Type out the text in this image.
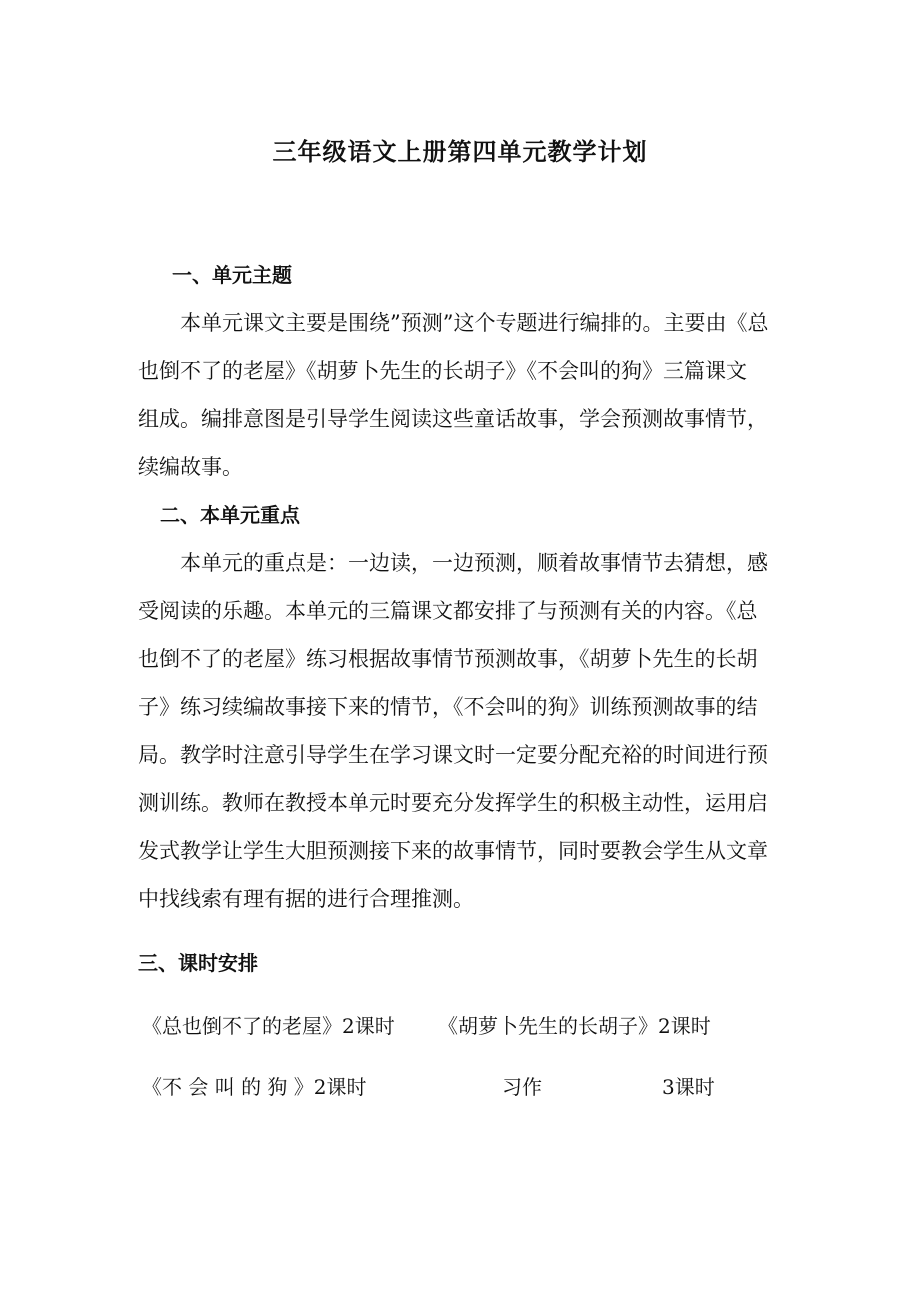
三年级语文上册第四单元教学计划
一、单元主题
本单元课文主要是围绕”预测”这个专题进行编排的。主要由《总
也倒不了的老屋》《胡萝卜先生的长胡子》《不会叫的狗》三篇课文
组成。编排意图是引导学生阅读这些童话故事，学会预测故事情节，
续编故事。
二、本单元重点
本单元的重点是：一边读，一边预测，顺着故事情节去猜想，感
受阅读的乐趣。本单元的三篇课文都安排了与预测有关的内容。《总
也倒不了的老屋》练习根据故事情节预测故事，《胡萝卜先生的长胡
子》练习续编故事接下来的情节，《不会叫的狗》训练预测故事的结
局。教学时注意引导学生在学习课文时一定要分配充裕的时间进行预
测训练。教师在教授本单元时要充分发挥学生的积极主动性，运用启
发式教学让学生大胆预测接下来的故事情节，同时要教会学生从文章
中找线索有理有据的进行合理推测。
三、课时安排
《总也倒不了的老屋》2课时 《胡萝卜先生的长胡子》2课时
《不 会 叫 的 狗 》2课时	习作	3课时
